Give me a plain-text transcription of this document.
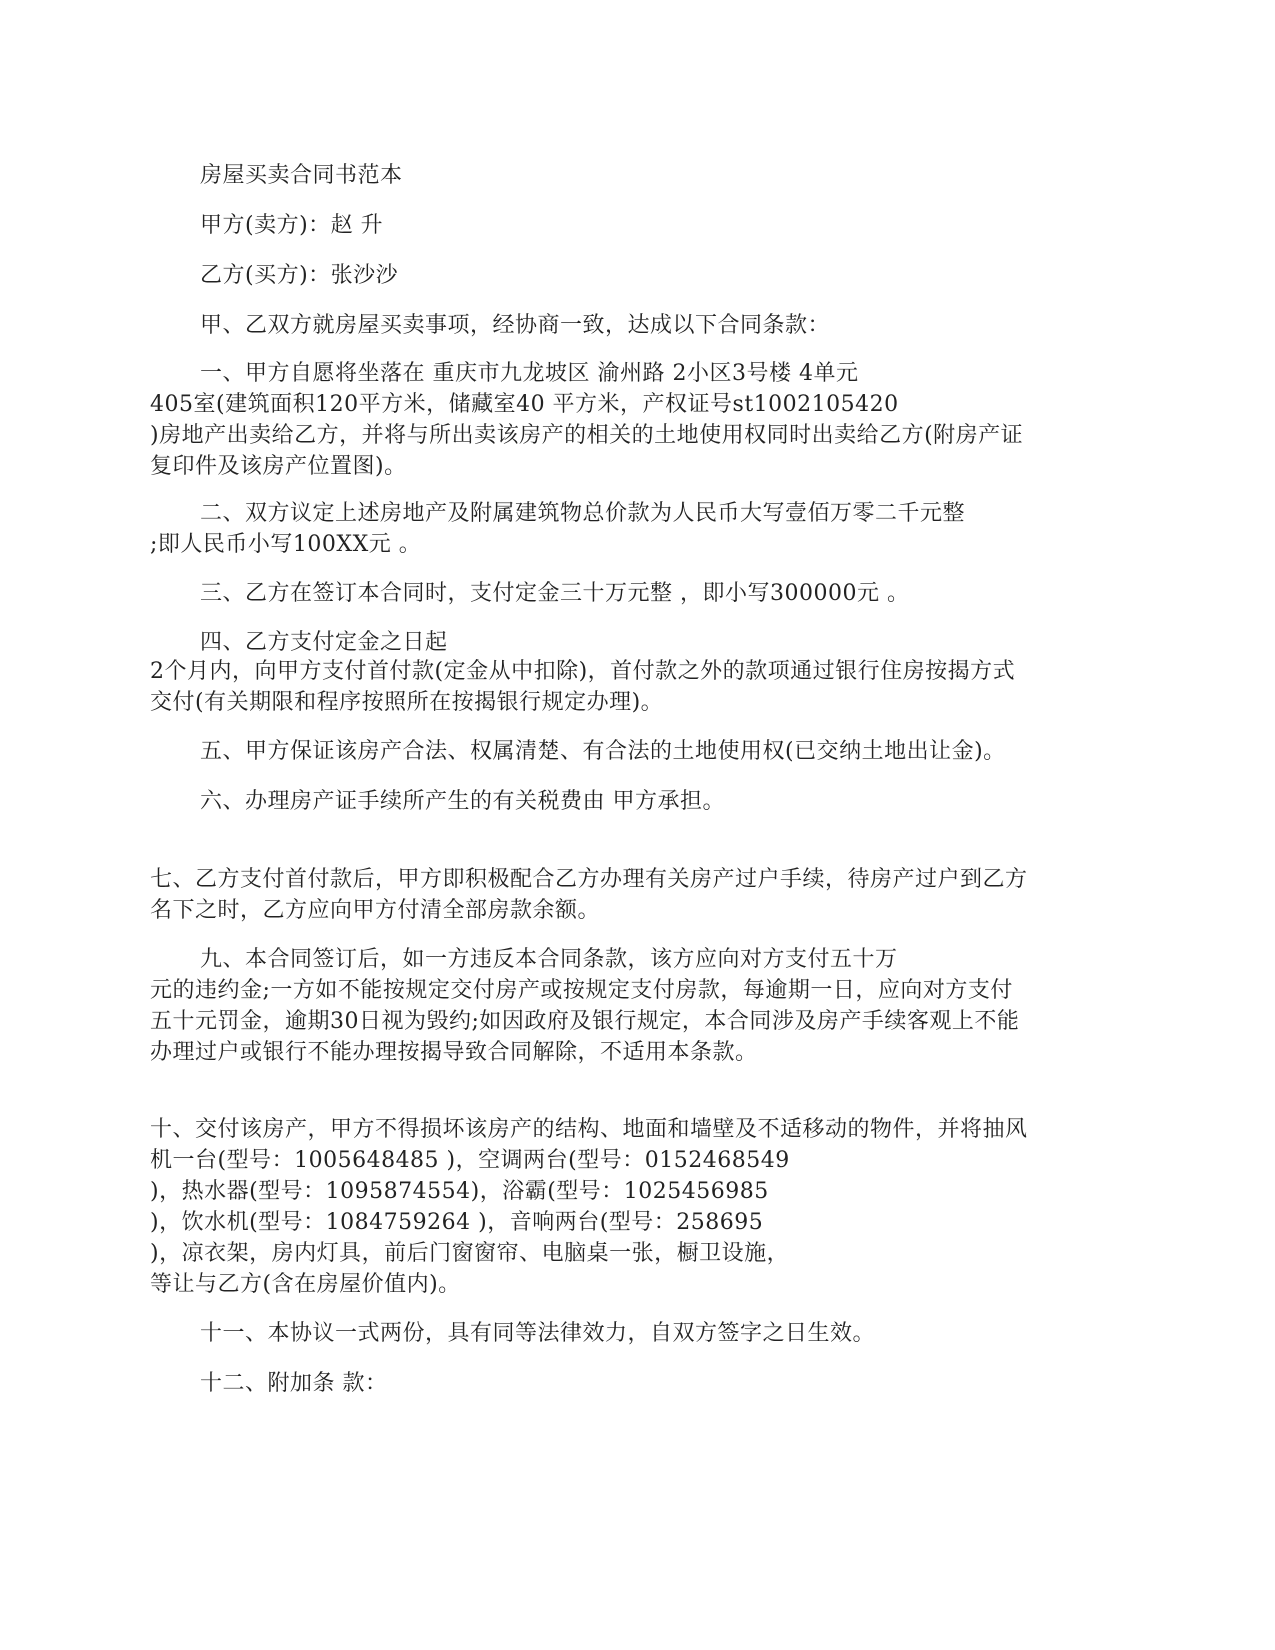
房屋买卖合同书范本
甲方(卖方)：赵 升
乙方(买方)：张沙沙
甲、乙双方就房屋买卖事项，经协商一致，达成以下合同条款：
一、甲方自愿将坐落在 重庆市九龙坡区 渝州路 2小区3号楼 4单元
405室(建筑面积120平方米，储藏室40 平方米，产权证号st1002105420
)房地产出卖给乙方，并将与所出卖该房产的相关的土地使用权同时出卖给乙方(附房产证
复印件及该房产位置图)。
二、双方议定上述房地产及附属建筑物总价款为人民币大写壹佰万零二千元整
;即人民币小写100XX元 。
三、乙方在签订本合同时，支付定金三十万元整 ，即小写300000元 。
四、乙方支付定金之日起
2个月内，向甲方支付首付款(定金从中扣除)，首付款之外的款项通过银行住房按揭方式
交付(有关期限和程序按照所在按揭银行规定办理)。
五、甲方保证该房产合法、权属清楚、有合法的土地使用权(已交纳土地出让金)。
六、办理房产证手续所产生的有关税费由 甲方承担。
七、乙方支付首付款后，甲方即积极配合乙方办理有关房产过户手续，待房产过户到乙方
名下之时，乙方应向甲方付清全部房款余额。
九、本合同签订后，如一方违反本合同条款，该方应向对方支付五十万
元的违约金;一方如不能按规定交付房产或按规定支付房款，每逾期一日，应向对方支付
五十元罚金，逾期30日视为毁约;如因政府及银行规定，本合同涉及房产手续客观上不能
办理过户或银行不能办理按揭导致合同解除，不适用本条款。
十、交付该房产，甲方不得损坏该房产的结构、地面和墙壁及不适移动的物件，并将抽风
机一台(型号：1005648485 )，空调两台(型号：0152468549
)，热水器(型号：1095874554)，浴霸(型号：1025456985
)，饮水机(型号：1084759264 )，音响两台(型号：258695
)，凉衣架，房内灯具，前后门窗窗帘、电脑桌一张，橱卫设施，
等让与乙方(含在房屋价值内)。
十一、本协议一式两份，具有同等法律效力，自双方签字之日生效。
十二、附加条 款：
